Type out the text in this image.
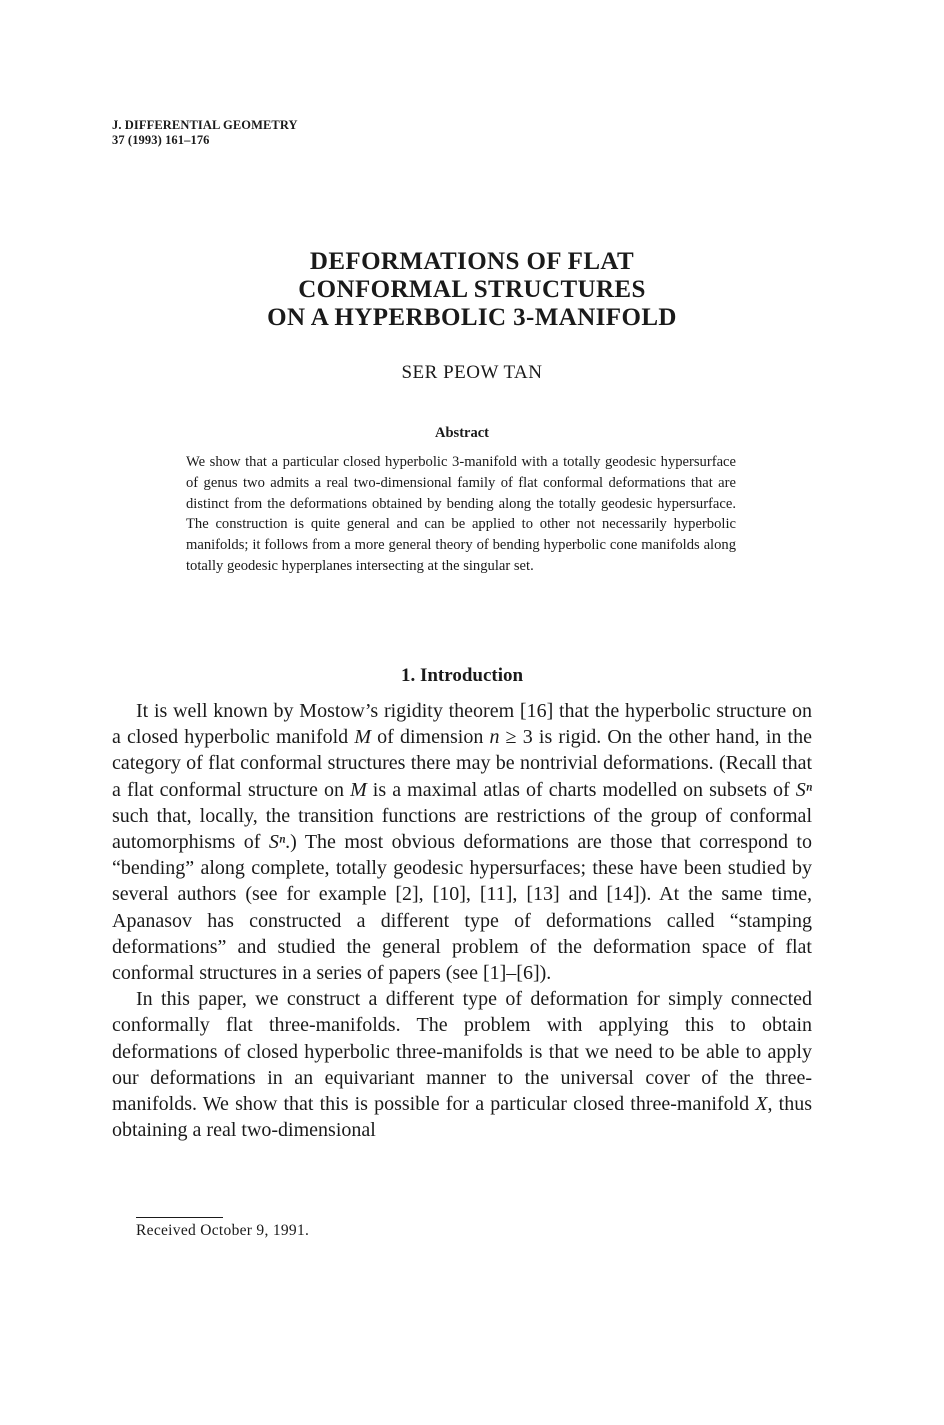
J. DIFFERENTIAL GEOMETRY
37 (1993) 161–176
DEFORMATIONS OF FLAT
CONFORMAL STRUCTURES
ON A HYPERBOLIC 3-MANIFOLD
SER PEOW TAN
Abstract
We show that a particular closed hyperbolic 3-manifold with a totally geodesic hypersurface of genus two admits a real two-dimensional family of flat conformal deformations that are distinct from the deformations obtained by bending along the totally geodesic hypersurface. The construction is quite general and can be applied to other not necessarily hyperbolic manifolds; it follows from a more general theory of bending hyperbolic cone manifolds along totally geodesic hyperplanes intersecting at the singular set.
1. Introduction

It is well known by Mostow’s rigidity theorem [16] that the hyperbolic structure on a closed hyperbolic manifold M of dimension n ≥ 3 is rigid. On the other hand, in the category of flat conformal structures there may be nontrivial deformations. (Recall that a flat conformal structure on M is a maximal atlas of charts modelled on subsets of Sⁿ such that, locally, the transition functions are restrictions of the group of conformal automorphisms of Sⁿ.) The most obvious deformations are those that correspond to “bending” along complete, totally geodesic hypersurfaces; these have been studied by several authors (see for example [2], [10], [11], [13] and [14]). At the same time, Apanasov has constructed a different type of deformations called “stamping deformations” and studied the general problem of the deformation space of flat conformal structures in a series of papers (see [1]–[6]).

In this paper, we construct a different type of deformation for simply connected conformally flat three-manifolds. The problem with applying this to obtain deformations of closed hyperbolic three-manifolds is that we need to be able to apply our deformations in an equivariant manner to the universal cover of the three-manifolds. We show that this is possible for a particular closed three-manifold X, thus obtaining a real two-dimensional

Received October 9, 1991.
